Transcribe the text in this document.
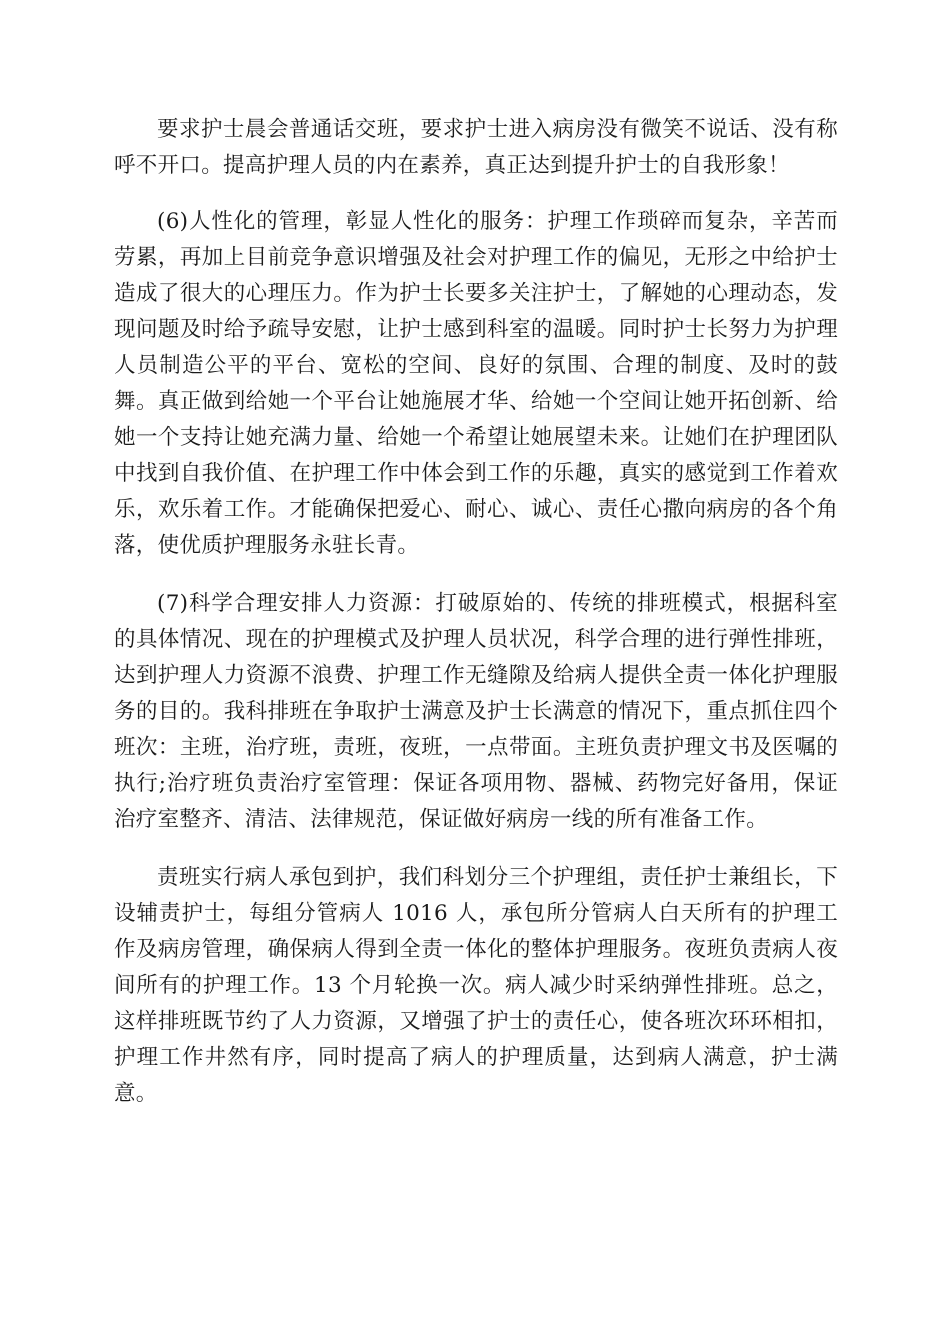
要求护士晨会普通话交班，要求护士进入病房没有微笑不说话、没有称呼不开口。提高护理人员的内在素养，真正达到提升护士的自我形象！

(6)人性化的管理，彰显人性化的服务：护理工作琐碎而复杂，辛苦而劳累，再加上目前竞争意识增强及社会对护理工作的偏见，无形之中给护士造成了很大的心理压力。作为护士长要多关注护士，了解她的心理动态，发现问题及时给予疏导安慰，让护士感到科室的温暖。同时护士长努力为护理人员制造公平的平台、宽松的空间、良好的氛围、合理的制度、及时的鼓舞。真正做到给她一个平台让她施展才华、给她一个空间让她开拓创新、给她一个支持让她充满力量、给她一个希望让她展望未来。让她们在护理团队中找到自我价值、在护理工作中体会到工作的乐趣，真实的感觉到工作着欢乐，欢乐着工作。才能确保把爱心、耐心、诚心、责任心撒向病房的各个角落，使优质护理服务永驻长青。

(7)科学合理安排人力资源：打破原始的、传统的排班模式，根据科室的具体情况、现在的护理模式及护理人员状况，科学合理的进行弹性排班，达到护理人力资源不浪费、护理工作无缝隙及给病人提供全责一体化护理服务的目的。我科排班在争取护士满意及护士长满意的情况下，重点抓住四个班次：主班，治疗班，责班，夜班，一点带面。主班负责护理文书及医嘱的执行;治疗班负责治疗室管理：保证各项用物、器械、药物完好备用，保证治疗室整齐、清洁、法律规范，保证做好病房一线的所有准备工作。

责班实行病人承包到护，我们科划分三个护理组，责任护士兼组长，下设辅责护士，每组分管病人 1016 人，承包所分管病人白天所有的护理工作及病房管理，确保病人得到全责一体化的整体护理服务。夜班负责病人夜间所有的护理工作。13 个月轮换一次。病人减少时采纳弹性排班。总之，这样排班既节约了人力资源，又增强了护士的责任心，使各班次环环相扣，护理工作井然有序，同时提高了病人的护理质量，达到病人满意，护士满意。
